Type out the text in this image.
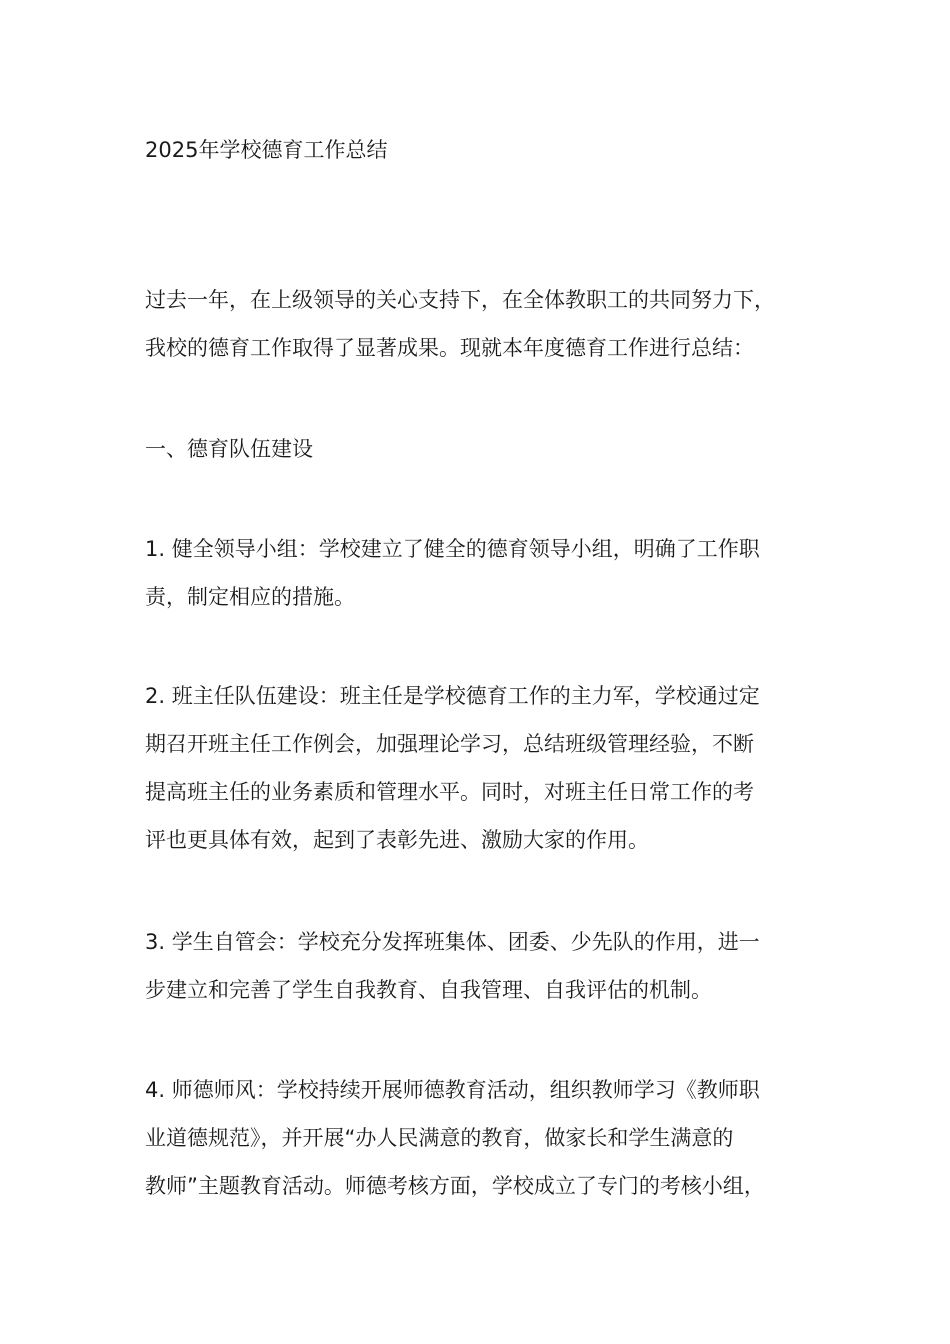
2025年学校德育工作总结

过去一年，在上级领导的关心支持下，在全体教职工的共同努力下，
我校的德育工作取得了显著成果。现就本年度德育工作进行总结：

一、德育队伍建设

1. 健全领导小组：学校建立了健全的德育领导小组，明确了工作职
责，制定相应的措施。

2. 班主任队伍建设：班主任是学校德育工作的主力军，学校通过定
期召开班主任工作例会，加强理论学习，总结班级管理经验，不断
提高班主任的业务素质和管理水平。同时，对班主任日常工作的考
评也更具体有效，起到了表彰先进、激励大家的作用。

3. 学生自管会：学校充分发挥班集体、团委、少先队的作用，进一
步建立和完善了学生自我教育、自我管理、自我评估的机制。

4. 师德师风：学校持续开展师德教育活动，组织教师学习《教师职
业道德规范》，并开展“办人民满意的教育，做家长和学生满意的
教师”主题教育活动。师德考核方面，学校成立了专门的考核小组，
